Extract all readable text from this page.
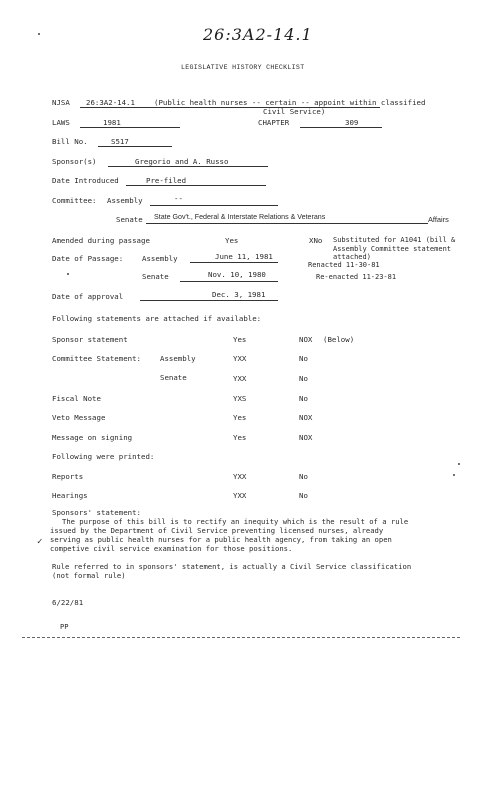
26:3A2-14.1
LEGISLATIVE HISTORY CHECKLIST
NJSA 26:3A2-14.1	(Public health nurses -- certain -- appoint within classified
Civil Service)
LAWS	1981	CHAPTER	309
Bill No.	S517
Sponsor(s)	Gregorio and A. Russo
Date Introduced	Pre-filed
Committee: Assembly	--
Senate State Gov't., Federal & Interstate Relations & Veterans	Affairs
Amended during passage	Yes	XNo Substituted for A1041 (bill &
Assembly Committee statement
attached)
Date of Passage:	Assembly	June 11, 1981
Renacted 11-30-81
Senate	Nov. 10, 1980	Re-enacted 11-23-81
Date of approval	Dec. 3, 1981
Following statements are attached if available:
Sponsor statement	Yes	NOX (Below)
Committee Statement:	Assembly	YXX	No
Senate	YXX	No
Fiscal Note	YXS	No
Veto Message	Yes	NOX
Message on signing	Yes	NOX
Following were printed:
Reports	YXX	No
Hearings	YXX	No
Sponsors' statement:
The purpose of this bill is to rectify an inequity which is the result of a rule
issued by the Department of Civil Service preventing licensed nurses, already
serving as public health nurses for a public health agency, from taking an open
competive civil service examination for those positions.
✓
Rule referred to in sponsors' statement, is actually a Civil Service classification
(not formal rule)
6/22/81
PP
